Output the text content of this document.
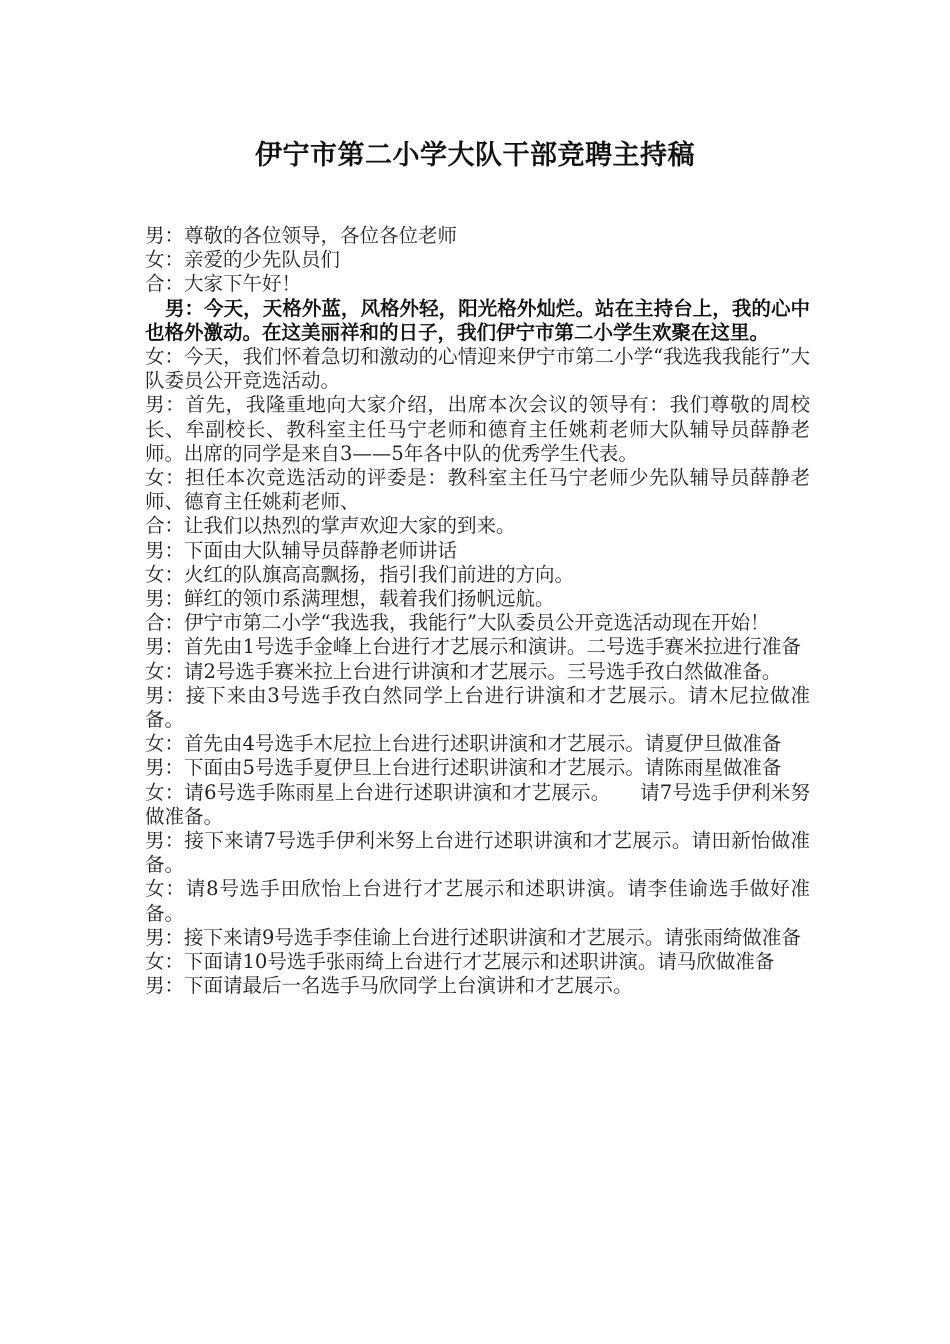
伊宁市第二小学大队干部竞聘主持稿

男：尊敬的各位领导，各位各位老师

女：亲爱的少先队员们

合：大家下午好！

男：今天，天格外蓝，风格外轻，阳光格外灿烂。站在主持台上，我的心中也格外激动。在这美丽祥和的日子，我们伊宁市第二小学生欢聚在这里。

女：今天，我们怀着急切和激动的心情迎来伊宁市第二小学“我选我我能行”大队委员公开竞选活动。

男：首先，我隆重地向大家介绍，出席本次会议的领导有：我们尊敬的周校长、牟副校长、教科室主任马宁老师和德育主任姚莉老师大队辅导员薛静老师。出席的同学是来自3——5年各中队的优秀学生代表。

女：担任本次竞选活动的评委是：教科室主任马宁老师少先队辅导员薛静老师、德育主任姚莉老师、

合：让我们以热烈的掌声欢迎大家的到来。

男：下面由大队辅导员薛静老师讲话

女：火红的队旗高高飘扬，指引我们前进的方向。

男：鲜红的领巾系满理想，载着我们扬帆远航。

合：伊宁市第二小学“我选我，我能行”大队委员公开竞选活动现在开始！

男：首先由1号选手金峰上台进行才艺展示和演讲。二号选手赛米拉进行准备

女：请2号选手赛米拉上台进行讲演和才艺展示。三号选手孜白然做准备。

男：接下来由3号选手孜白然同学上台进行讲演和才艺展示。请木尼拉做准备。

女：首先由4号选手木尼拉上台进行述职讲演和才艺展示。请夏伊旦做准备

男：下面由5号选手夏伊旦上台进行述职讲演和才艺展示。请陈雨星做准备

女：请6号选手陈雨星上台进行述职讲演和才艺展示。　　请7号选手伊利米努做准备。

男：接下来请7号选手伊利米努上台进行述职讲演和才艺展示。请田新怡做准备。

女：请8号选手田欣怡上台进行才艺展示和述职讲演。请李佳谕选手做好准备。

男：接下来请9号选手李佳谕上台进行述职讲演和才艺展示。请张雨绮做准备

女：下面请10号选手张雨绮上台进行才艺展示和述职讲演。请马欣做准备

男：下面请最后一名选手马欣同学上台演讲和才艺展示。
